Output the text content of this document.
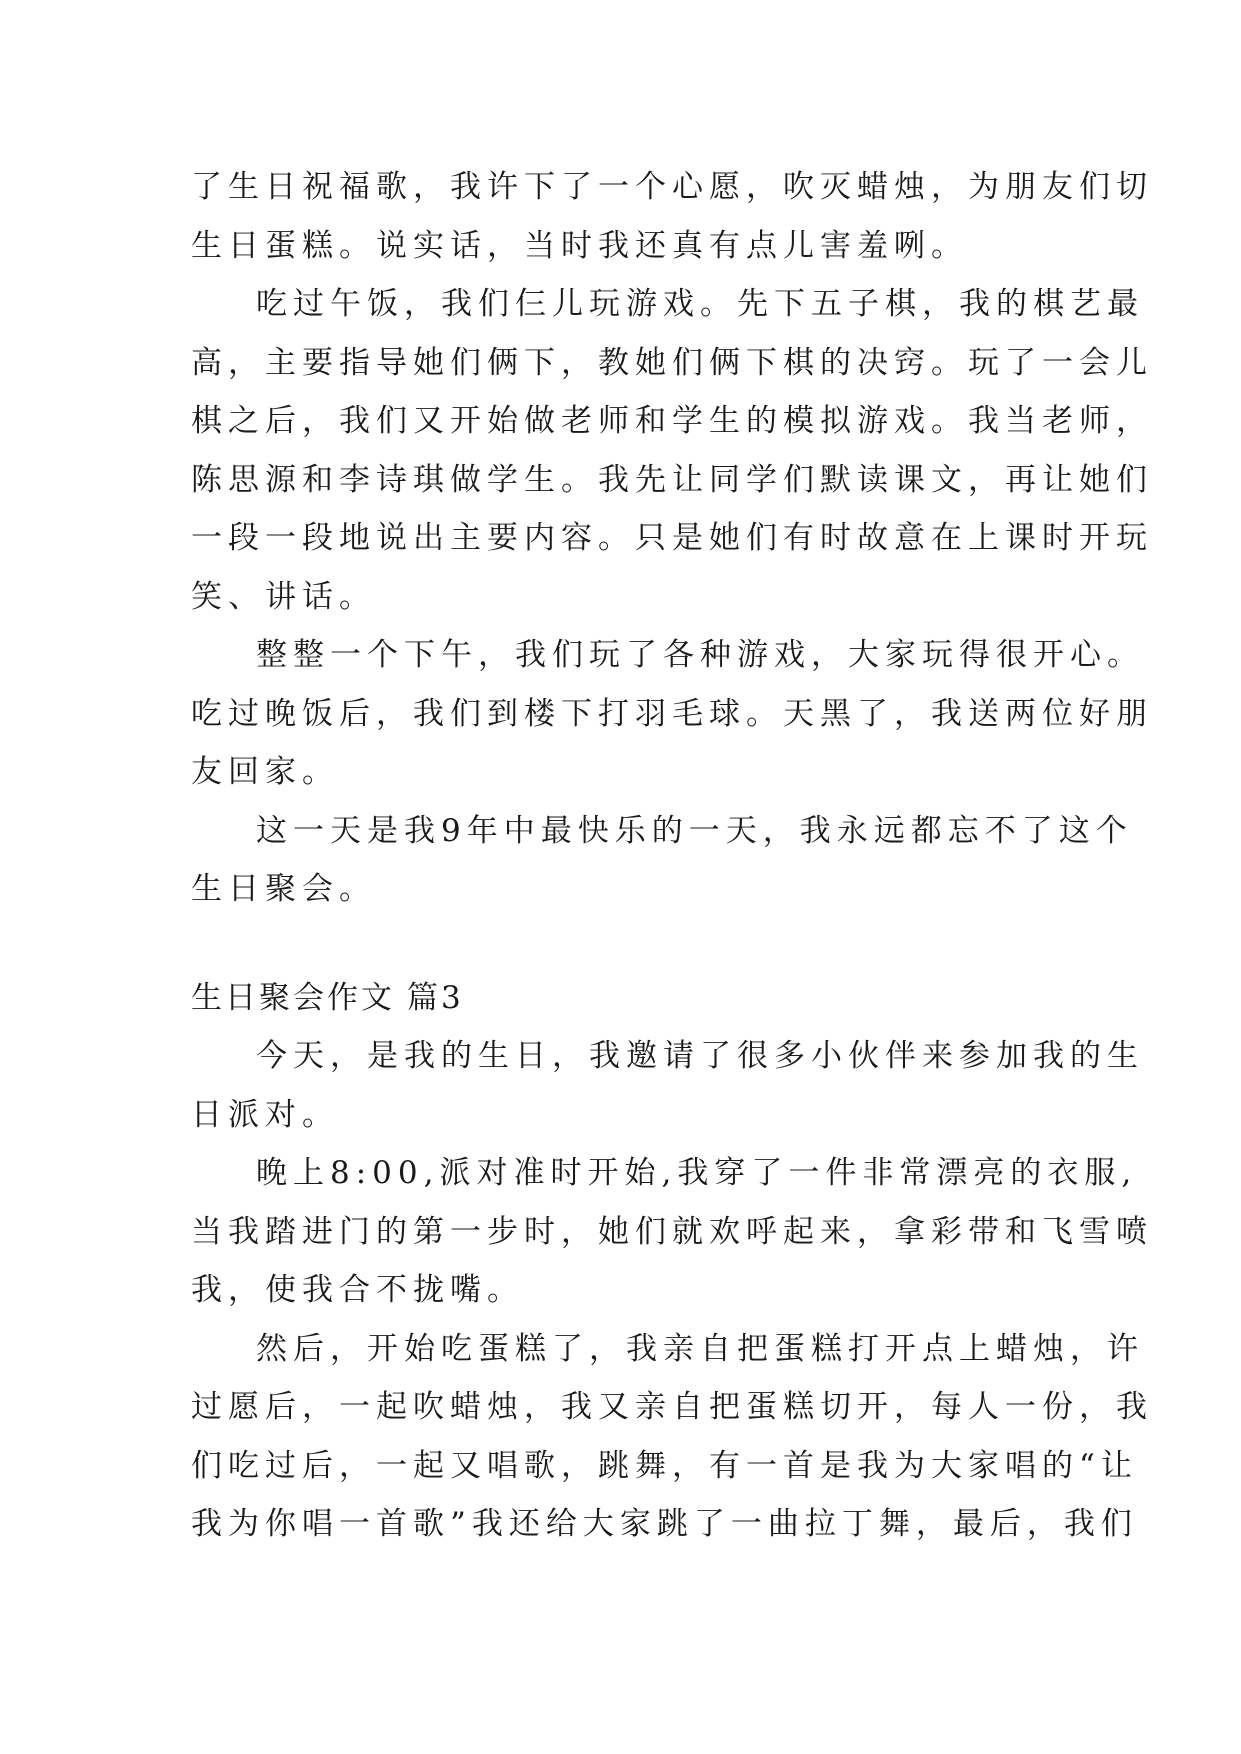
了生日祝福歌，我许下了一个心愿，吹灭蜡烛，为朋友们切
生日蛋糕。说实话，当时我还真有点儿害羞咧。
吃过午饭，我们仨儿玩游戏。先下五子棋，我的棋艺最
高，主要指导她们俩下，教她们俩下棋的决窍。玩了一会儿
棋之后，我们又开始做老师和学生的模拟游戏。我当老师，
陈思源和李诗琪做学生。我先让同学们默读课文，再让她们
一段一段地说出主要内容。只是她们有时故意在上课时开玩
笑、讲话。
整整一个下午，我们玩了各种游戏，大家玩得很开心。
吃过晚饭后，我们到楼下打羽毛球。天黑了，我送两位好朋
友回家。
这一天是我9年中最快乐的一天，我永远都忘不了这个
生日聚会。
生日聚会作文 篇3
今天，是我的生日，我邀请了很多小伙伴来参加我的生
日派对。
晚上8:00,派对准时开始,我穿了一件非常漂亮的衣服,
当我踏进门的第一步时，她们就欢呼起来，拿彩带和飞雪喷
我，使我合不拢嘴。
然后，开始吃蛋糕了，我亲自把蛋糕打开点上蜡烛，许
过愿后，一起吹蜡烛，我又亲自把蛋糕切开，每人一份，我
们吃过后，一起又唱歌，跳舞，有一首是我为大家唱的“让
我为你唱一首歌”我还给大家跳了一曲拉丁舞，最后，我们
